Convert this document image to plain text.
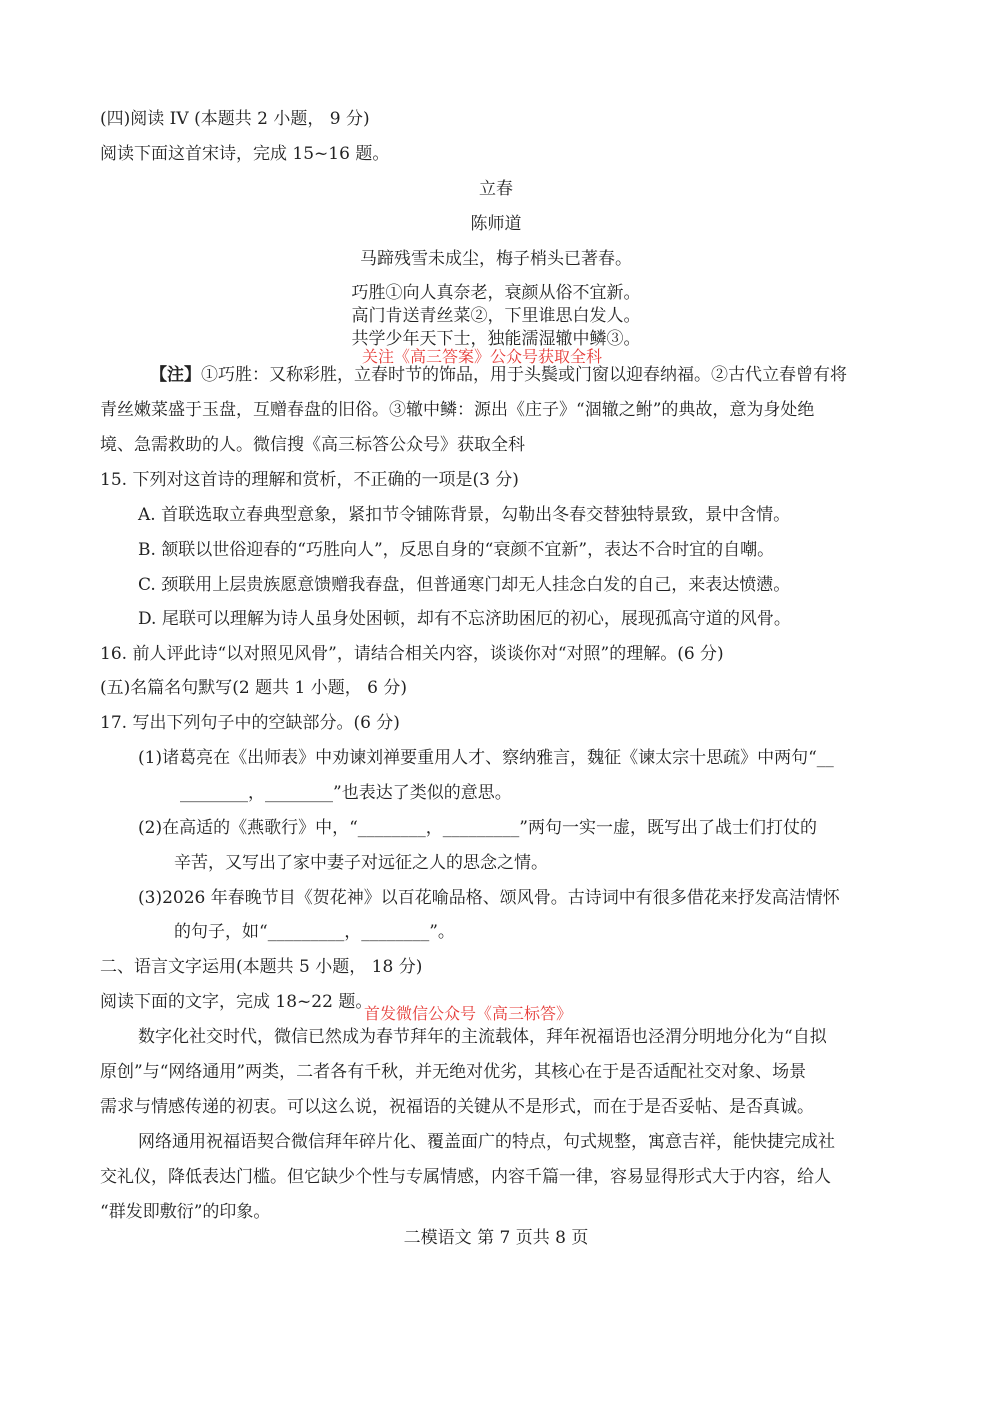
(四)阅读 IV (本题共 2 小题， 9 分)
阅读下面这首宋诗，完成 15~16 题。
立春
陈师道
马蹄残雪未成尘，梅子梢头已著春。
巧胜①向人真奈老，衰颜从俗不宜新。
高门肯送青丝菜②，下里谁思白发人。
共学少年天下士，独能濡湿辙中鳞③。
关注《高三答案》公众号获取全科
【注】①巧胜：又称彩胜，立春时节的饰品，用于头鬓或门窗以迎春纳福。②古代立春曾有将
青丝嫩菜盛于玉盘，互赠春盘的旧俗。③辙中鳞：源出《庄子》“涸辙之鲋”的典故，意为身处绝
境、急需救助的人。微信搜《高三标答公众号》获取全科
15. 下列对这首诗的理解和赏析，不正确的一项是(3 分)
A. 首联选取立春典型意象，紧扣节令铺陈背景，勾勒出冬春交替独特景致，景中含情。
B. 颔联以世俗迎春的“巧胜向人”，反思自身的“衰颜不宜新”，表达不合时宜的自嘲。
C. 颈联用上层贵族愿意馈赠我春盘，但普通寒门却无人挂念白发的自己，来表达愤懑。
D. 尾联可以理解为诗人虽身处困顿，却有不忘济助困厄的初心，展现孤高守道的风骨。
16. 前人评此诗“以对照见风骨”，请结合相关内容，谈谈你对“对照”的理解。(6 分)
(五)名篇名句默写(2 题共 1 小题， 6 分)
17. 写出下列句子中的空缺部分。(6 分)
(1)诸葛亮在《出师表》中劝谏刘禅要重用人才、察纳雅言，魏征《谏太宗十思疏》中两句“__
________，________”也表达了类似的意思。
(2)在高适的《燕歌行》中，“________，_________”两句一实一虚，既写出了战士们打仗的
辛苦，又写出了家中妻子对远征之人的思念之情。
(3)2026 年春晚节目《贺花神》以百花喻品格、颂风骨。古诗词中有很多借花来抒发高洁情怀
的句子，如“_________，________”。
二、语言文字运用(本题共 5 小题， 18 分)
阅读下面的文字，完成 18~22 题。
首发微信公众号《高三标答》
数字化社交时代，微信已然成为春节拜年的主流载体，拜年祝福语也泾渭分明地分化为“自拟
原创”与“网络通用”两类，二者各有千秋，并无绝对优劣，其核心在于是否适配社交对象、场景
需求与情感传递的初衷。可以这么说，祝福语的关键从不是形式，而在于是否妥帖、是否真诚。
网络通用祝福语契合微信拜年碎片化、覆盖面广的特点，句式规整，寓意吉祥，能快捷完成社
交礼仪，降低表达门槛。但它缺少个性与专属情感，内容千篇一律，容易显得形式大于内容，给人
“群发即敷衍”的印象。
二模语文 第 7 页共 8 页
